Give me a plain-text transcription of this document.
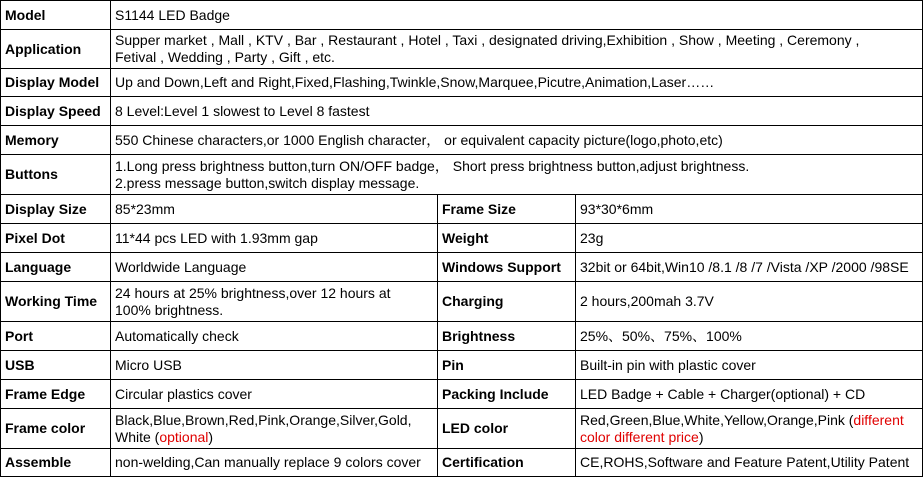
Model	S1144 LED Badge		
Application	Supper market , Mall , KTV , Bar , Restaurant , Hotel , Taxi , designated driving,Exhibition , Show , Meeting , Ceremony ,
Fetival , Wedding , Party , Gift , etc.		
Display Model	Up and Down,Left and Right,Fixed,Flashing,Twinkle,Snow,Marquee,Picutre,Animation,Laser……		
Display Speed	8 Level:Level 1 slowest to Level 8 fastest		
Memory	550 Chinese characters,or 1000 English character， or equivalent capacity picture(logo,photo,etc)		
Buttons	1.Long press brightness button,turn ON/OFF badge， Short press brightness button,adjust brightness.
2.press message button,switch display message.		
Display Size	85*23mm	Frame Size	93*30*6mm
Pixel Dot	11*44 pcs LED with 1.93mm gap	Weight	23g
Language	Worldwide Language	Windows Support	32bit or 64bit,Win10 /8.1 /8 /7 /Vista /XP /2000 /98SE
Working Time	24 hours at 25% brightness,over 12 hours at
100% brightness.	Charging	2 hours,200mah 3.7V
Port	Automatically check	Brightness	25%、50%、75%、100%
USB	Micro USB	Pin	Built-in pin with plastic cover
Frame Edge	Circular plastics cover	Packing Include	LED Badge + Cable + Charger(optional) + CD
Frame color	Black,Blue,Brown,Red,Pink,Orange,Silver,Gold,
White (optional)	LED color	Red,Green,Blue,White,Yellow,Orange,Pink (different
color different price)
Assemble	non-welding,Can manually replace 9 colors cover	Certification	CE,ROHS,Software and Feature Patent,Utility Patent
